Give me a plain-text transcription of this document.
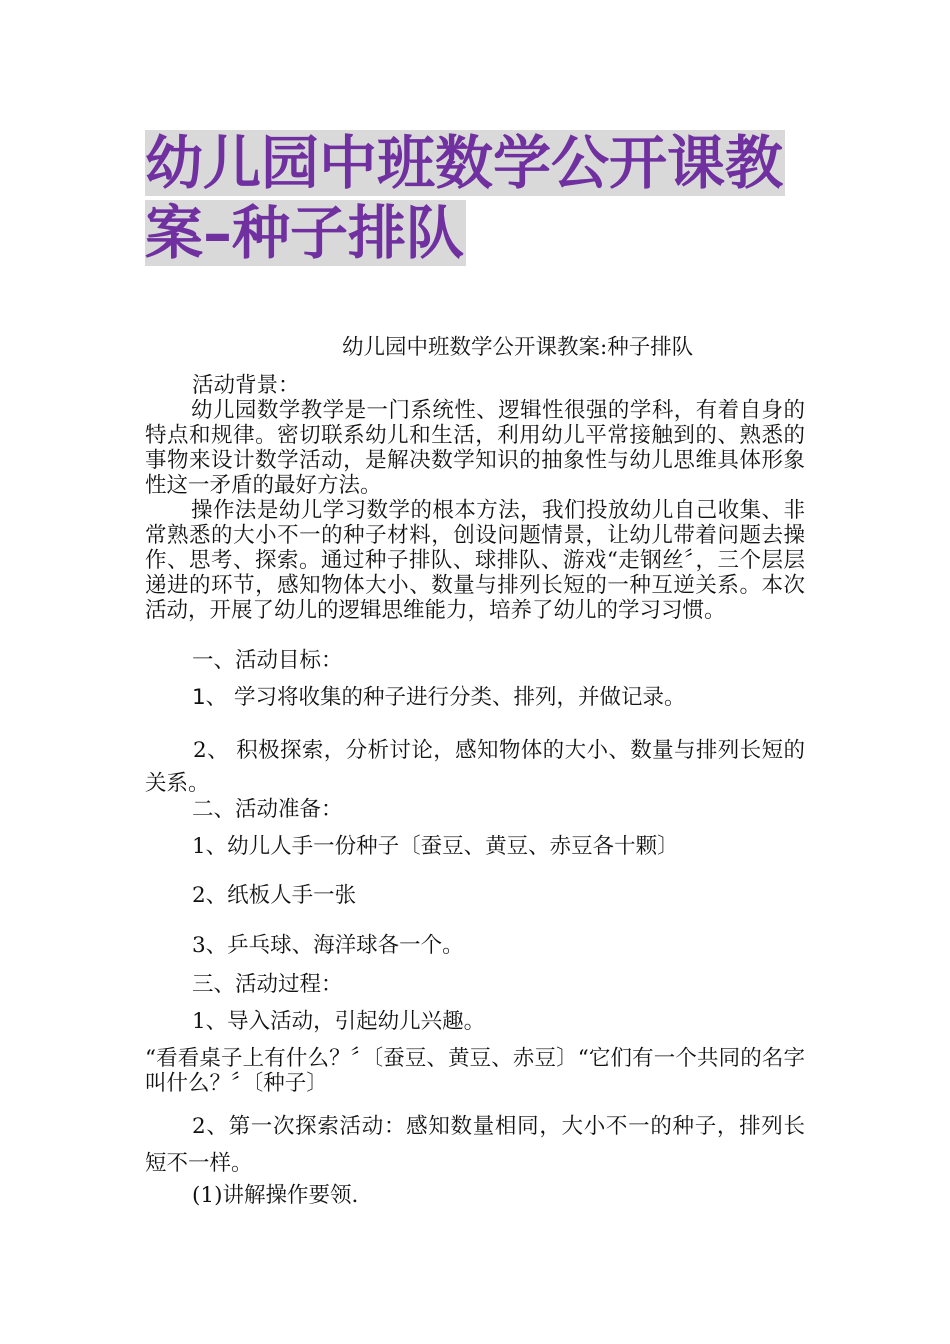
幼儿园中班数学公开课教
案–种子排队

幼儿园中班数学公开课教案:种子排队

活动背景：

幼儿园数学教学是一门系统性、逻辑性很强的学科，有着自身的特点和规律。密切联系幼儿和生活，利用幼儿平常接触到的、熟悉的事物来设计数学活动，是解决数学知识的抽象性与幼儿思维具体形象性这一矛盾的最好方法。

操作法是幼儿学习数学的根本方法，我们投放幼儿自己收集、非常熟悉的大小不一的种子材料，创设问题情景，让幼儿带着问题去操作、思考、探索。通过种子排队、球排队、游戏“走钢丝〞，三个层层递进的环节，感知物体大小、数量与排列长短的一种互逆关系。本次活动，开展了幼儿的逻辑思维能力，培养了幼儿的学习习惯。

一、活动目标：

1、 学习将收集的种子进行分类、排列，并做记录。

2、 积极探索，分析讨论，感知物体的大小、数量与排列长短的关系。

二、活动准备：

1、幼儿人手一份种子〔蚕豆、黄豆、赤豆各十颗〕

2、纸板人手一张

3、乒乓球、海洋球各一个。

三、活动过程：

1、导入活动，引起幼儿兴趣。

“看看桌子上有什么？〞〔蚕豆、黄豆、赤豆〕“它们有一个共同的名字叫什么？〞〔种子〕

2、第一次探索活动：感知数量相同，大小不一的种子，排列长短不一样。

(1)讲解操作要领.
